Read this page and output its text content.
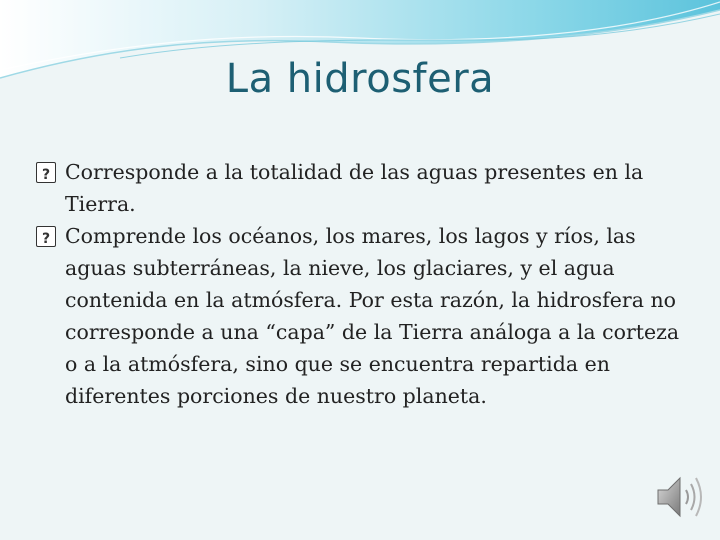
La hidrosfera

?
Corresponde a la totalidad de las aguas presentes en la Tierra.

?
Comprende los océanos, los mares, los lagos y ríos, las aguas subterráneas, la nieve, los glaciares, y el agua contenida en la atmósfera. Por esta razón, la hidrosfera no corresponde a una “capa” de la Tierra análoga a la corteza o a la atmósfera, sino que se encuentra repartida en diferentes porciones de nuestro planeta.
